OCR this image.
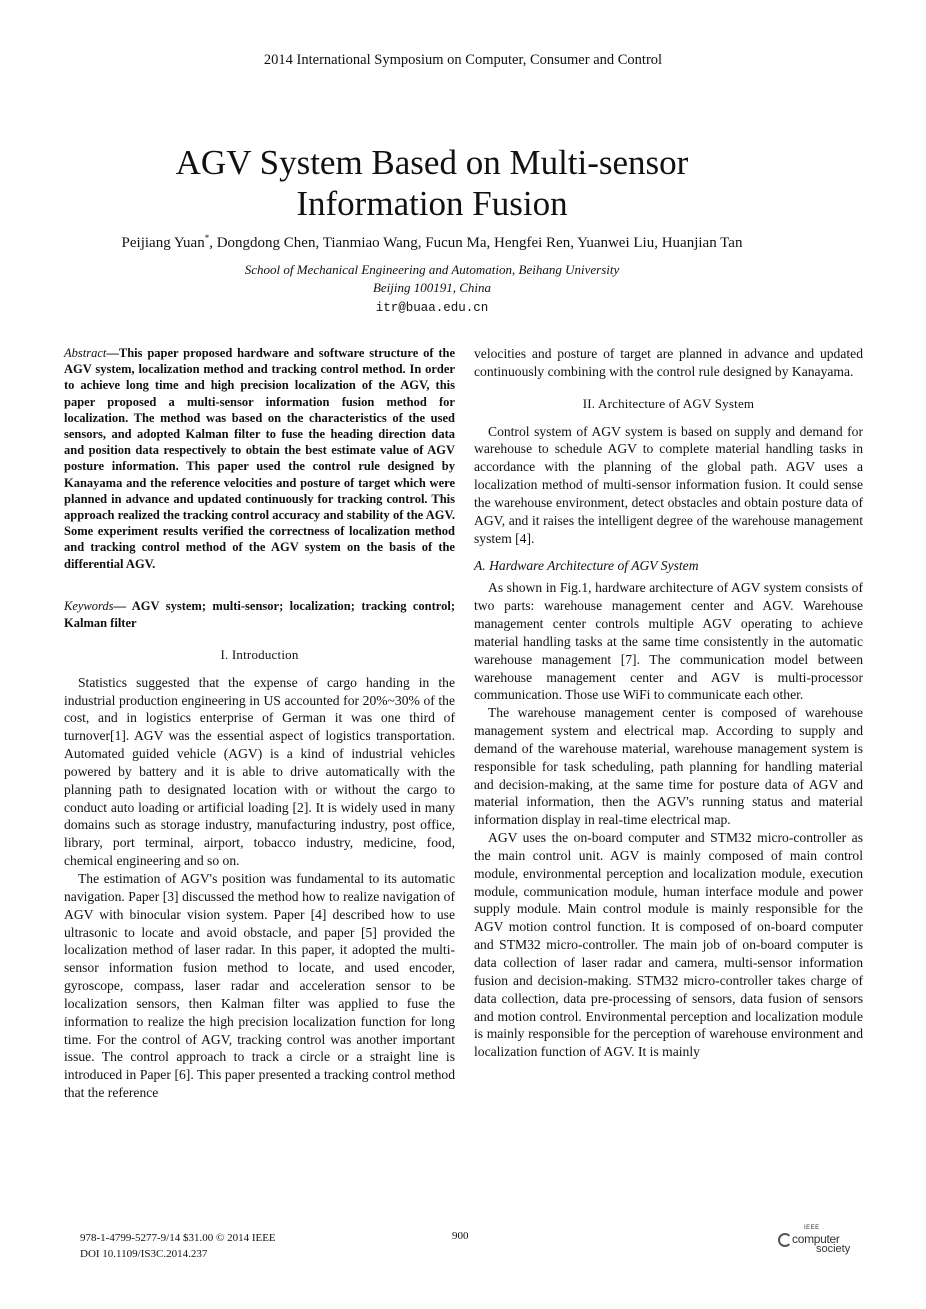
2014 International Symposium on Computer, Consumer and Control
AGV System Based on Multi-sensor
Information Fusion
Peijiang Yuan*, Dongdong Chen, Tianmiao Wang, Fucun Ma, Hengfei Ren, Yuanwei Liu, Huanjian Tan
School of Mechanical Engineering and Automation, Beihang University
Beijing 100191, China
itr@buaa.edu.cn

Abstract—This paper proposed hardware and software structure of the AGV system, localization method and tracking control method. In order to achieve long time and high precision localization of the AGV, this paper proposed a multi-sensor information fusion method for localization. The method was based on the characteristics of the used sensors, and adopted Kalman filter to fuse the heading direction data and position data respectively to obtain the best estimate value of AGV posture information. This paper used the control rule designed by Kanayama and the reference velocities and posture of target which were planned in advance and updated continuously for tracking control. This approach realized the tracking control accuracy and stability of the AGV. Some experiment results verified the correctness of localization method and tracking control method of the AGV system on the basis of the differential AGV.

Keywords— AGV system; multi-sensor; localization; tracking control; Kalman filter

I. Introduction

Statistics suggested that the expense of cargo handing in the industrial production engineering in US accounted for 20%~30% of the cost, and in logistics enterprise of German it was one third of turnover[1]. AGV was the essential aspect of logistics transportation. Automated guided vehicle (AGV) is a kind of industrial vehicles powered by battery and it is able to drive automatically with the planning path to designated location with or without the cargo to conduct auto loading or artificial loading [2]. It is widely used in many domains such as storage industry, manufacturing industry, post office, library, port terminal, airport, tobacco industry, medicine, food, chemical engineering and so on.

The estimation of AGV's position was fundamental to its automatic navigation. Paper [3] discussed the method how to realize navigation of AGV with binocular vision system. Paper [4] described how to use ultrasonic to locate and avoid obstacle, and paper [5] provided the localization method of laser radar. In this paper, it adopted the multi-sensor information fusion method to locate, and used encoder, gyroscope, compass, laser radar and acceleration sensor to be localization sensors, then Kalman filter was applied to fuse the information to realize the high precision localization function for long time. For the control of AGV, tracking control was another important issue. The control approach to track a circle or a straight line is introduced in Paper [6]. This paper presented a tracking control method that the reference

velocities and posture of target are planned in advance and updated continuously combining with the control rule designed by Kanayama.

II. Architecture of AGV System

Control system of AGV system is based on supply and demand for warehouse to schedule AGV to complete material handling tasks in accordance with the planning of the global path. AGV uses a localization method of multi-sensor information fusion. It could sense the warehouse environment, detect obstacles and obtain posture data of AGV, and it raises the intelligent degree of the warehouse management system [4].

A. Hardware Architecture of AGV System

As shown in Fig.1, hardware architecture of AGV system consists of two parts: warehouse management center and AGV. Warehouse management center controls multiple AGV operating to achieve material handling tasks at the same time consistently in the automatic warehouse management [7]. The communication model between warehouse management center and AGV is multi-processor communication. Those use WiFi to communicate each other.

The warehouse management center is composed of warehouse management system and electrical map. According to supply and demand of the warehouse material, warehouse management system is responsible for task scheduling, path planning for handling material and decision-making, at the same time for posture data of AGV and material information, then the AGV's running status and material information display in real-time electrical map.

AGV uses the on-board computer and STM32 micro-controller as the main control unit. AGV is mainly composed of main control module, environmental perception and localization module, execution module, communication module, human interface module and power supply module. Main control module is mainly responsible for the AGV motion control function. It is composed of on-board computer and STM32 micro-controller. The main job of on-board computer is data collection of laser radar and camera, multi-sensor information fusion and decision-making. STM32 micro-controller takes charge of data collection, data pre-processing of sensors, data fusion of sensors and motion control. Environmental perception and localization module is mainly responsible for the perception of warehouse environment and localization function of AGV. It is mainly

978-1-4799-5277-9/14 $31.00 © 2014 IEEE
DOI 10.1109/IS3C.2014.237
900
IEEE
computer
society
